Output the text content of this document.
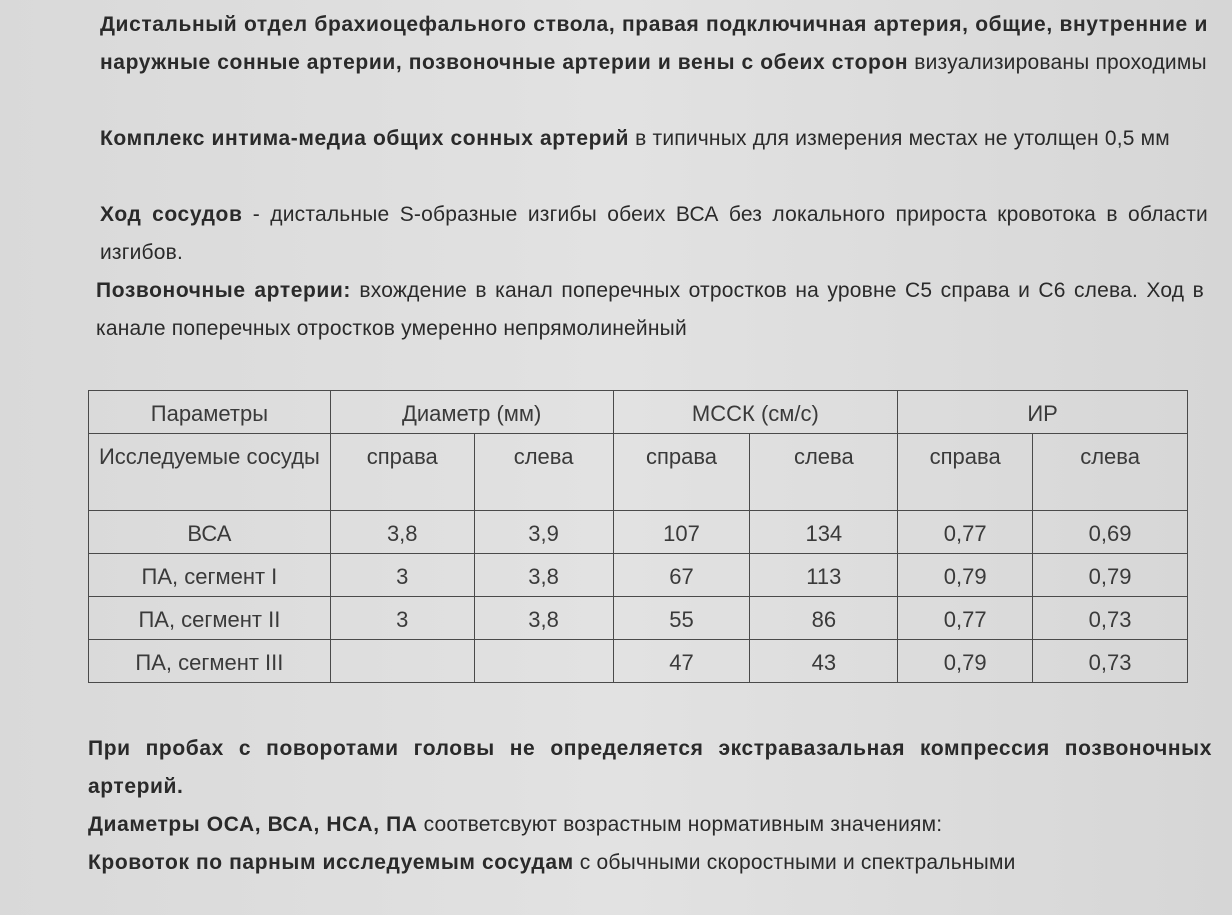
Дистальный отдел брахиоцефального ствола, правая подключичная артерия, общие, внутренние и наружные сонные артерии, позвоночные артерии и вены с обеих сторон визуализированы проходимы
Комплекс интима-медиа общих сонных артерий в типичных для измерения местах не утолщен 0,5 мм
Ход сосудов - дистальные S-образные изгибы обеих ВСА без локального прироста кровотока в области изгибов.
Позвоночные артерии: вхождение в канал поперечных отростков на уровне С5 справа и С6 слева. Ход в канале поперечных отростков умеренно непрямолинейный
Параметры	Диаметр (мм)		МССК (см/с)		ИР	
Исследуемые сосуды	справа	слева	справа	слева	справа	слева
ВСА	3,8	3,9	107	134	0,77	0,69
ПА, сегмент I	3	3,8	67	113	0,79	0,79
ПА, сегмент II	3	3,8	55	86	0,77	0,73
ПА, сегмент III			47	43	0,79	0,73
При пробах с поворотами головы не определяется экстравазальная компрессия позвоночных артерий.
Диаметры ОСА, ВСА, НСА, ПА соответсвуют возрастным нормативным значениям:
Кровоток по парным исследуемым сосудам с обычными скоростными и спектральными
